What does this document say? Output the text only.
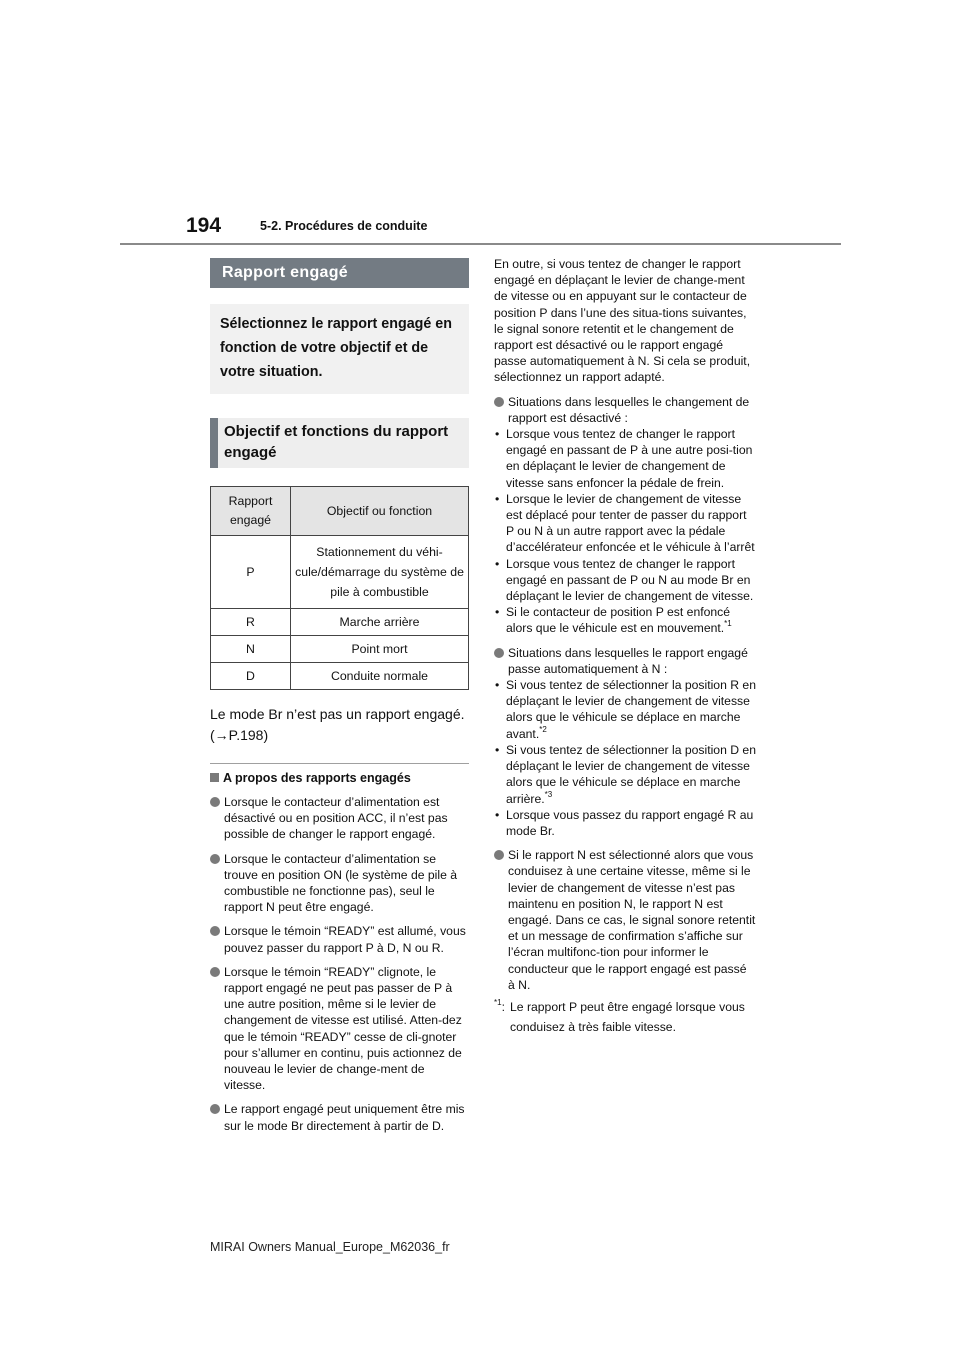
194	5-2. Procédures de conduite
Rapport engagé
Sélectionnez le rapport engagé en fonction de votre objectif et de votre situation.
Objectif et fonctions du rapport engagé
Rapport engagé	Objectif ou fonction
P	Stationnement du véhi-cule/démarrage du système de pile à combustible
R	Marche arrière
N	Point mort
D	Conduite normale
Le mode Br n’est pas un rapport engagé. (→P.198)
A propos des rapports engagés
Lorsque le contacteur d’alimentation est désactivé ou en position ACC, il n’est pas possible de changer le rapport engagé.
Lorsque le contacteur d’alimentation se trouve en position ON (le système de pile à combustible ne fonctionne pas), seul le rapport N peut être engagé.
Lorsque le témoin “READY” est allumé, vous pouvez passer du rapport P à D, N ou R.
Lorsque le témoin “READY” clignote, le rapport engagé ne peut pas passer de P à une autre position, même si le levier de changement de vitesse est utilisé. Atten-dez que le témoin “READY” cesse de cli-gnoter pour s’allumer en continu, puis actionnez de nouveau le levier de change-ment de vitesse.
Le rapport engagé peut uniquement être mis sur le mode Br directement à partir de D.
En outre, si vous tentez de changer le rapport engagé en déplaçant le levier de change-ment de vitesse ou en appuyant sur le contacteur de position P dans l’une des situa-tions suivantes, le signal sonore retentit et le changement de rapport est désactivé ou le rapport engagé passe automatiquement à N. Si cela se produit, sélectionnez un rapport adapté.
Situations dans lesquelles le changement de rapport est désactivé :
• Lorsque vous tentez de changer le rapport engagé en passant de P à une autre posi-tion en déplaçant le levier de changement de vitesse sans enfoncer la pédale de frein.
• Lorsque le levier de changement de vitesse est déplacé pour tenter de passer du rapport P ou N à un autre rapport avec la pédale d’accélérateur enfoncée et le véhicule à l’arrêt
• Lorsque vous tentez de changer le rapport engagé en passant de P ou N au mode Br en déplaçant le levier de changement de vitesse.
• Si le contacteur de position P est enfoncé alors que le véhicule est en mouvement.$^{*1}$
Situations dans lesquelles le rapport engagé passe automatiquement à N :
• Si vous tentez de sélectionner la position R en déplaçant le levier de changement de vitesse alors que le véhicule se déplace en marche avant.$^{*2}$
• Si vous tentez de sélectionner la position D en déplaçant le levier de changement de vitesse alors que le véhicule se déplace en marche arrière.$^{*3}$
• Lorsque vous passez du rapport engagé R au mode Br.
Si le rapport N est sélectionné alors que vous conduisez à une certaine vitesse, même si le levier de changement de vitesse n’est pas maintenu en position N, le rapport N est engagé. Dans ce cas, le signal sonore retentit et un message de confirmation s’affiche sur l’écran multifonc-tion pour informer le conducteur que le rapport engagé est passé à N.
$^{*1}$: Le rapport P peut être engagé lorsque vous conduisez à très faible vitesse.
MIRAI Owners Manual_Europe_M62036_fr
